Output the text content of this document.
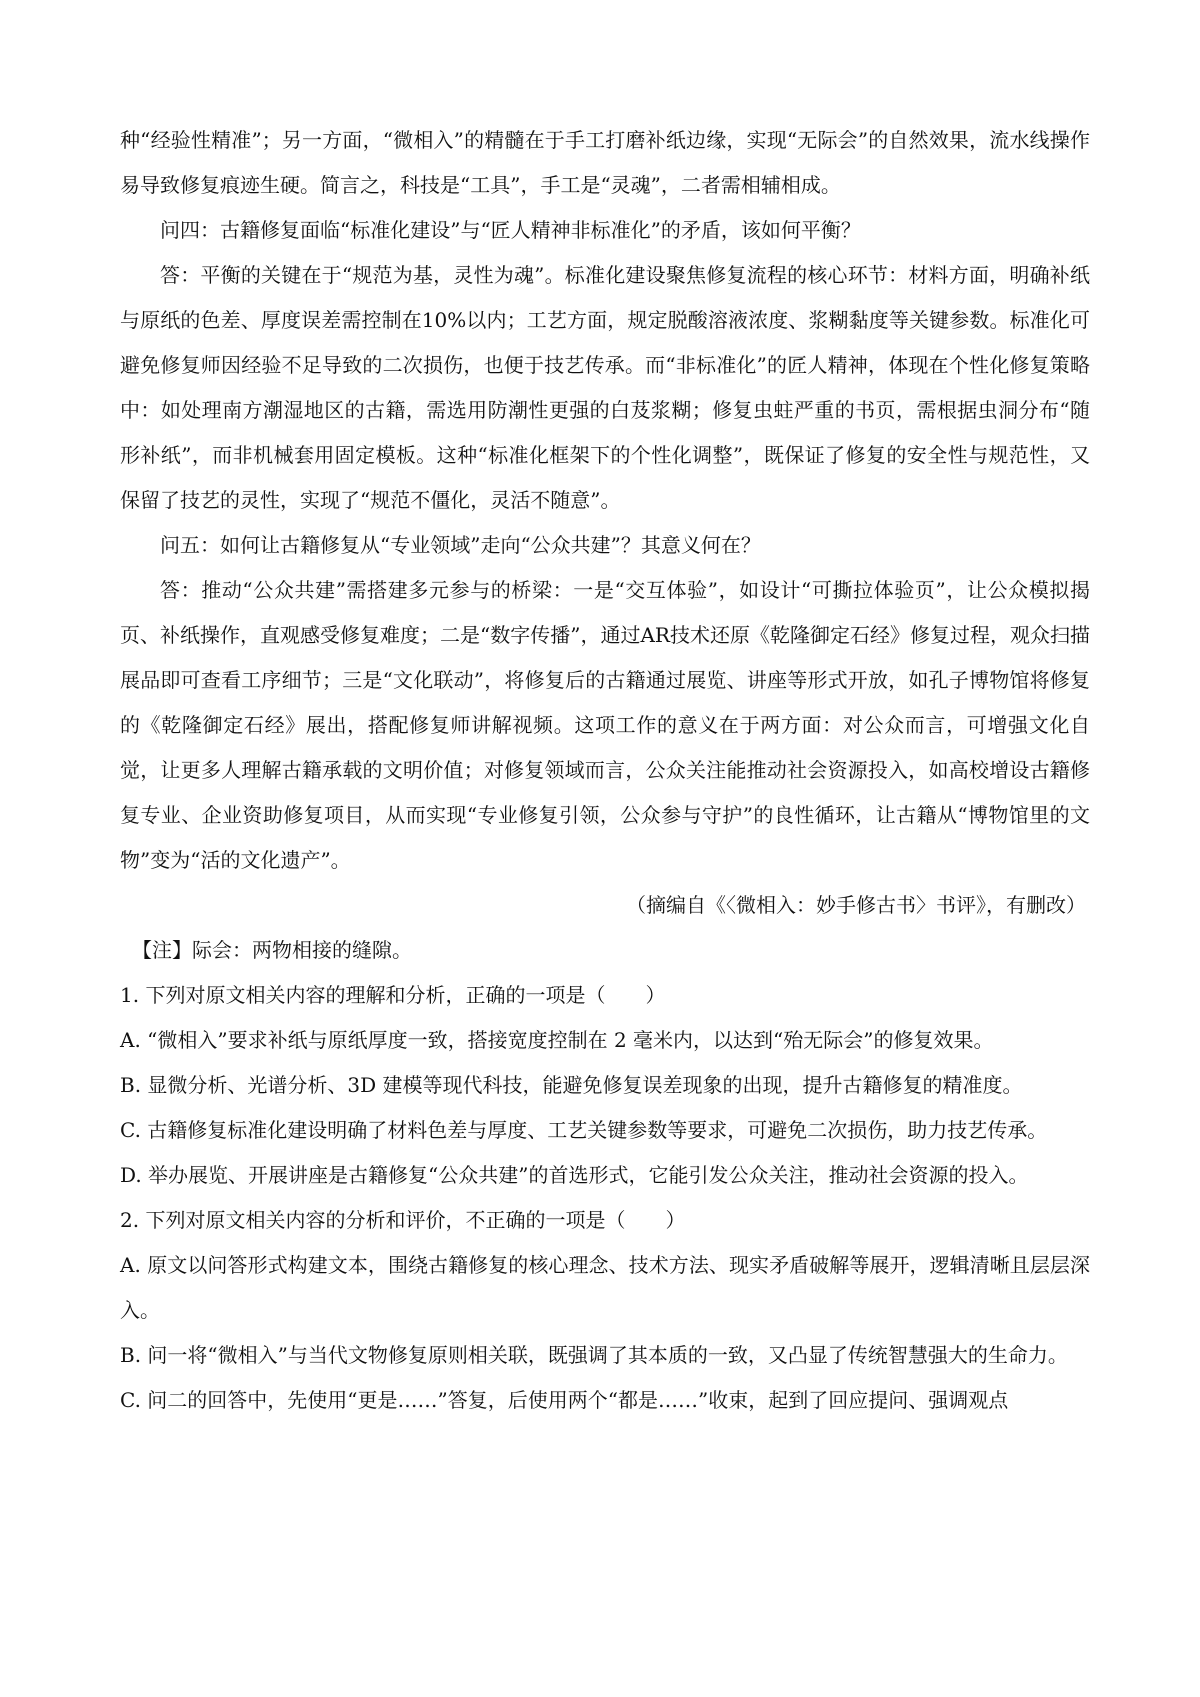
种“经验性精准”；另一方面，“微相入”的精髓在于手工打磨补纸边缘，实现“无际会”的自然效果，流水线操作易导致修复痕迹生硬。简言之，科技是“工具”，手工是“灵魂”，二者需相辅相成。

问四：古籍修复面临“标准化建设”与“匠人精神非标准化”的矛盾，该如何平衡？

答：平衡的关键在于“规范为基，灵性为魂”。标准化建设聚焦修复流程的核心环节：材料方面，明确补纸与原纸的色差、厚度误差需控制在10%以内；工艺方面，规定脱酸溶液浓度、浆糊黏度等关键参数。标准化可避免修复师因经验不足导致的二次损伤，也便于技艺传承。而“非标准化”的匠人精神，体现在个性化修复策略中：如处理南方潮湿地区的古籍，需选用防潮性更强的白芨浆糊；修复虫蛀严重的书页，需根据虫洞分布“随形补纸”，而非机械套用固定模板。这种“标准化框架下的个性化调整”，既保证了修复的安全性与规范性，又保留了技艺的灵性，实现了“规范不僵化，灵活不随意”。

问五：如何让古籍修复从“专业领域”走向“公众共建”？其意义何在？

答：推动“公众共建”需搭建多元参与的桥梁：一是“交互体验”，如设计“可撕拉体验页”，让公众模拟揭页、补纸操作，直观感受修复难度；二是“数字传播”，通过AR技术还原《乾隆御定石经》修复过程，观众扫描展品即可查看工序细节；三是“文化联动”，将修复后的古籍通过展览、讲座等形式开放，如孔子博物馆将修复的《乾隆御定石经》展出，搭配修复师讲解视频。这项工作的意义在于两方面：对公众而言，可增强文化自觉，让更多人理解古籍承载的文明价值；对修复领域而言，公众关注能推动社会资源投入，如高校增设古籍修复专业、企业资助修复项目，从而实现“专业修复引领，公众参与守护”的良性循环，让古籍从“博物馆里的文物”变为“活的文化遗产”。

（摘编自《〈微相入：妙手修古书〉书评》，有删改）

【注】际会：两物相接的缝隙。

1. 下列对原文相关内容的理解和分析，正确的一项是（　　）

A. “微相入”要求补纸与原纸厚度一致，搭接宽度控制在 2 毫米内，以达到“殆无际会”的修复效果。

B. 显微分析、光谱分析、3D 建模等现代科技，能避免修复误差现象的出现，提升古籍修复的精准度。

C. 古籍修复标准化建设明确了材料色差与厚度、工艺关键参数等要求，可避免二次损伤，助力技艺传承。

D. 举办展览、开展讲座是古籍修复“公众共建”的首选形式，它能引发公众关注，推动社会资源的投入。

2. 下列对原文相关内容的分析和评价，不正确的一项是（　　）

A. 原文以问答形式构建文本，围绕古籍修复的核心理念、技术方法、现实矛盾破解等展开，逻辑清晰且层层深入。

B. 问一将“微相入”与当代文物修复原则相关联，既强调了其本质的一致，又凸显了传统智慧强大的生命力。

C. 问二的回答中，先使用“更是……”答复，后使用两个“都是……”收束，起到了回应提问、强调观点
